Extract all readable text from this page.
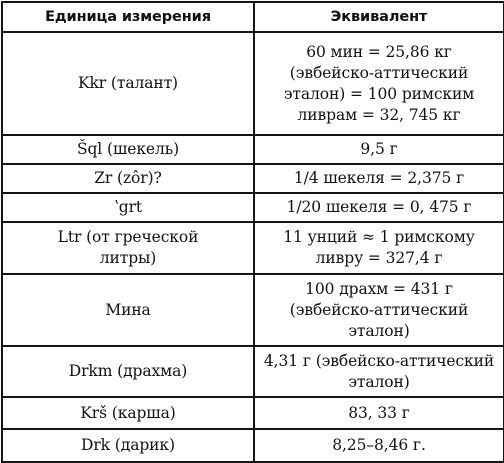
Единица измерения	Эквивалент
Kkr (талант)	60 мин = 25,86 кг
(эвбейско-аттический
эталон) = 100 римским
ливрам = 32, 745 кг
Šql (шекель)	9,5 г
Zr (zôr)?	1/4 шекеля = 2,375 г
ʽgrt	1/20 шекеля = 0, 475 г
Ltr (от греческой
литры)	11 унций ≈ 1 римскому
ливру = 327,4 г
Мина	100 драхм = 431 г
(эвбейско-аттический
эталон)
Drkm (драхма)	4,31 г (эвбейско-аттический
эталон)
Krš (карша)	83, 33 г
Drk (дарик)	8,25–8,46 г.
